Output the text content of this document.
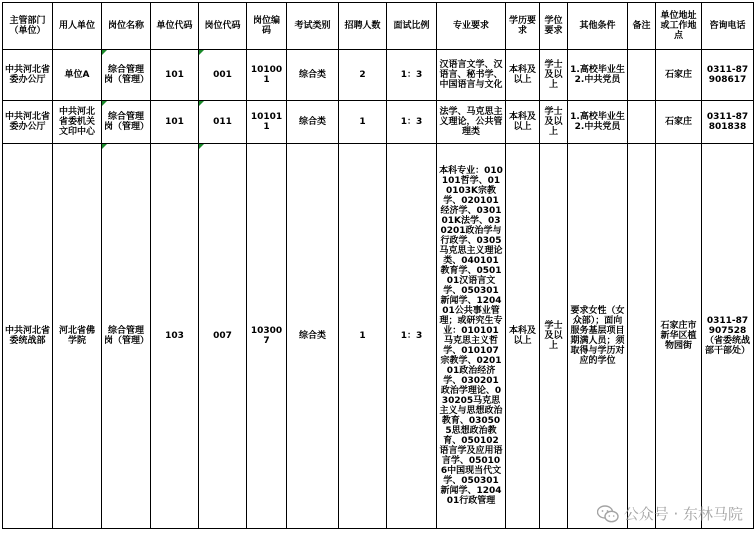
主管部门（单位）	用人单位	岗位名称	单位代码	岗位代码	岗位编码	考试类别	招聘人数	面试比例	专业要求	学历要求	学位要求	其他条件	备注	单位地址或工作地点	咨询电话
中共河北省委办公厅	单位A	综合管理岗（管理）	101	001	101001	综合类	2	1：3	汉语言文学、汉语言、秘书学、中国语言与文化	本科及以上	学士及以上	1.高校毕业生 2.中共党员		石家庄	0311-87908617
中共河北省委办公厅	中共河北省委机关文印中心	综合管理岗（管理）	101	011	101011	综合类	1	1：3	法学、马克思主义理论，公共管理类	本科及以上	学士及以上	1.高校毕业生 2.中共党员		石家庄	0311-87801838
中共河北省委统战部	河北省佛学院	综合管理岗（管理）	103	007	103007	综合类	1	1：3	本科专业：010101哲学、010103K宗教学、020101经济学、030101K法学、030201政治学与行政学、0305马克思主义理论类、040101教育学、050101汉语言文学、050301新闻学、120401公共事业管理；或研究生专业：010101马克思主义哲学、010107宗教学、020101政治经济学、030201政治学理论、030205马克思主义与思想政治教育、030505思想政治教育、050102语言学及应用语言学、050106中国现当代文学、050301新闻学、120401行政管理	本科及以上	学士及以上	要求女性（女众部）；面向服务基层项目期满人员；须取得与学历对应的学位		石家庄市新华区植物园街	0311-87907528（省委统战部干部处）
公众号 · 东林马院
